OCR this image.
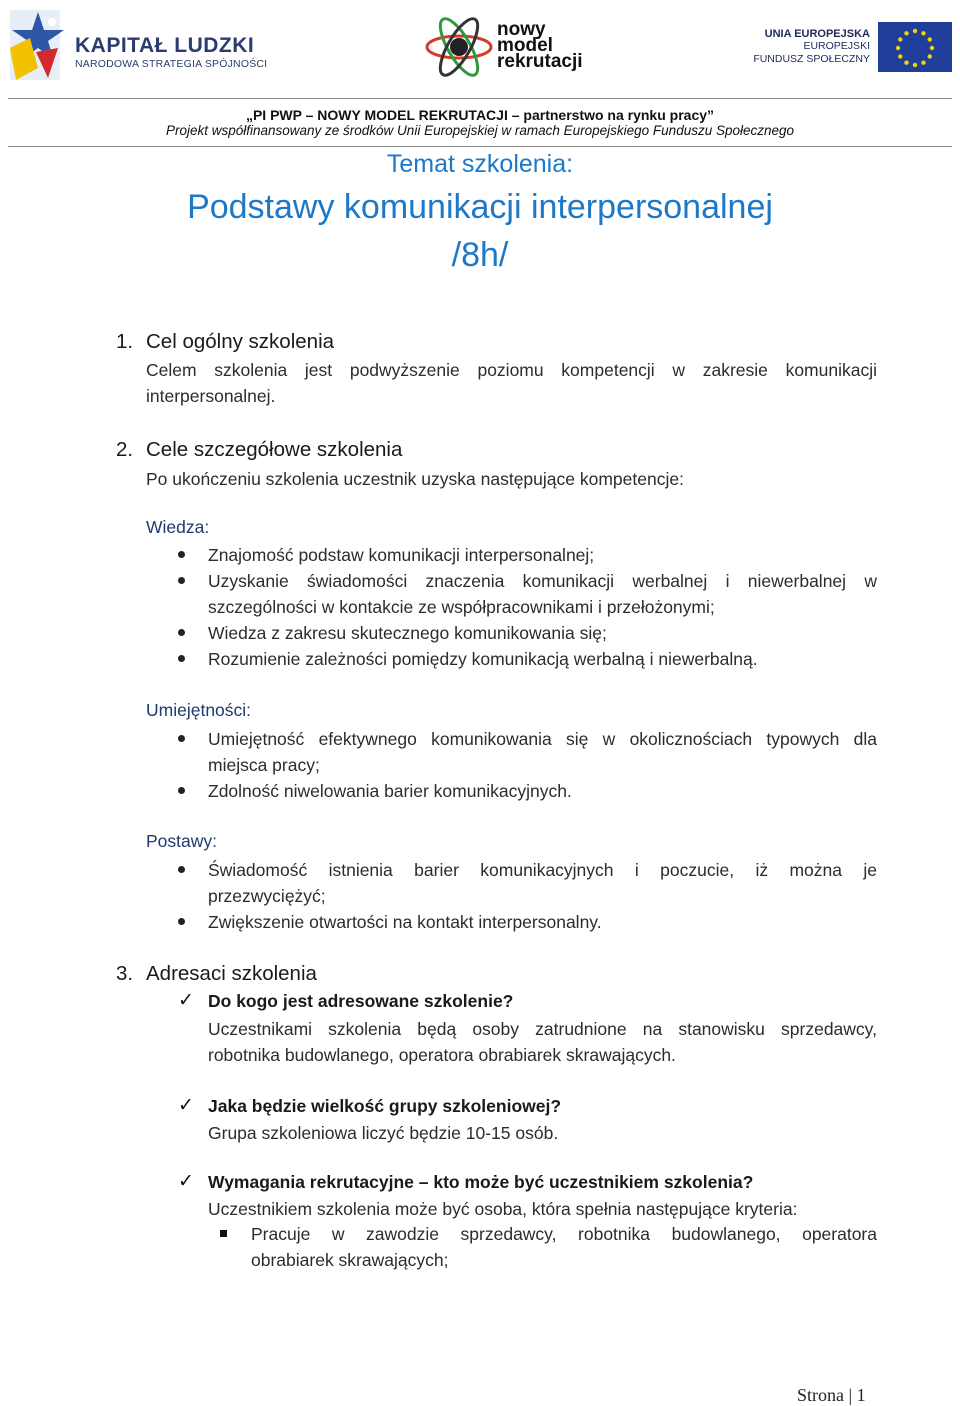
KAPITAŁ LUDZKI
NARODOWA STRATEGIA SPÓJNOŚCI
nowy
model
rekrutacji
UNIA EUROPEJSKA
EUROPEJSKI
FUNDUSZ SPOŁECZNY
„PI PWP – NOWY MODEL REKRUTACJI – partnerstwo na rynku pracy”
Projekt współfinansowany ze środków Unii Europejskiej w ramach Europejskiego Funduszu Społecznego
Temat szkolenia:
Podstawy komunikacji interpersonalnej
/8h/
1. Cel ogólny szkolenia
Celem szkolenia jest podwyższenie poziomu kompetencji w zakresie komunikacji
interpersonalnej.
2. Cele szczegółowe szkolenia
Po ukończeniu szkolenia uczestnik uzyska następujące kompetencje:
Wiedza:
Znajomość podstaw komunikacji interpersonalnej;
Uzyskanie świadomości znaczenia komunikacji werbalnej i niewerbalnej w
szczególności w kontakcie ze współpracownikami i przełożonymi;
Wiedza z zakresu skutecznego komunikowania się;
Rozumienie zależności pomiędzy komunikacją werbalną i niewerbalną.
Umiejętności:
Umiejętność efektywnego komunikowania się w okolicznościach typowych dla
miejsca pracy;
Zdolność niwelowania barier komunikacyjnych.
Postawy:
Świadomość istnienia barier komunikacyjnych i poczucie, iż można je
przezwyciężyć;
Zwiększenie otwartości na kontakt interpersonalny.
3. Adresaci szkolenia
✓ Do kogo jest adresowane szkolenie?
Uczestnikami szkolenia będą osoby zatrudnione na stanowisku sprzedawcy,
robotnika budowlanego, operatora obrabiarek skrawających.
✓ Jaka będzie wielkość grupy szkoleniowej?
Grupa szkoleniowa liczyć będzie 10-15 osób.
✓ Wymagania rekrutacyjne – kto może być uczestnikiem szkolenia?
Uczestnikiem szkolenia może być osoba, która spełnia następujące kryteria:
Pracuje w zawodzie sprzedawcy, robotnika budowlanego, operatora
obrabiarek skrawających;
Strona | 1
